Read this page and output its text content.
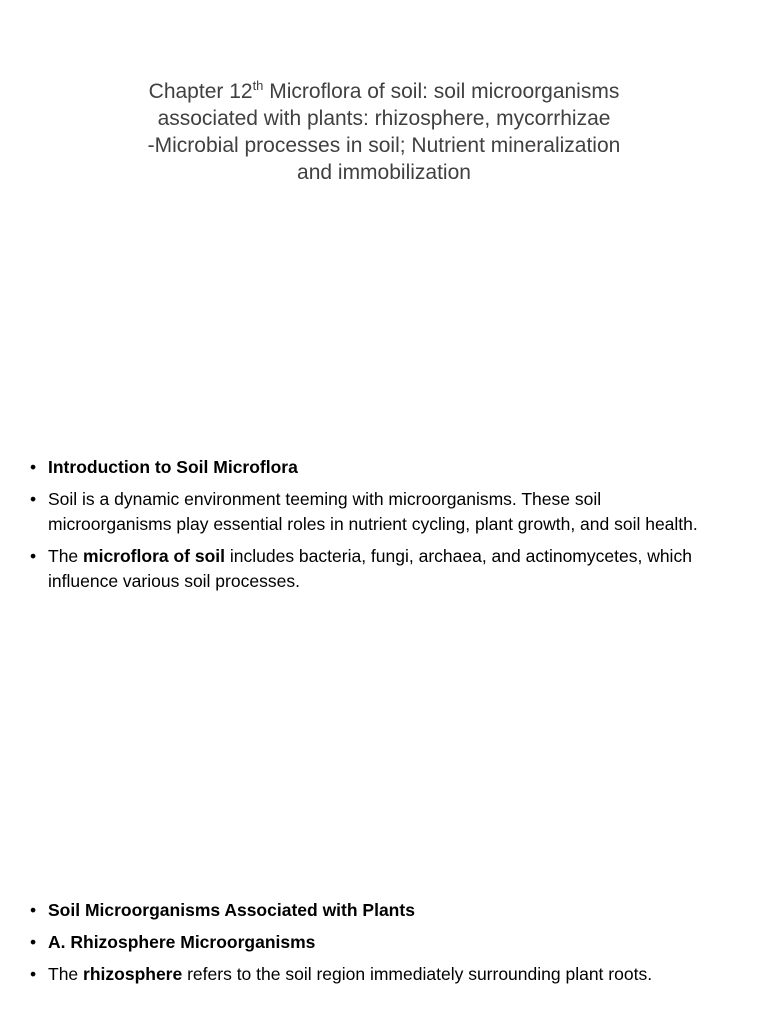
Chapter 12th Microflora of soil: soil microorganisms
associated with plants: rhizosphere, mycorrhizae
-Microbial processes in soil; Nutrient mineralization
and immobilization
• Introduction to Soil Microflora
• Soil is a dynamic environment teeming with microorganisms. These soil microorganisms play essential roles in nutrient cycling, plant growth, and soil health.
• The microflora of soil includes bacteria, fungi, archaea, and actinomycetes, which influence various soil processes.
• Soil Microorganisms Associated with Plants
• A. Rhizosphere Microorganisms
• The rhizosphere refers to the soil region immediately surrounding plant roots.
